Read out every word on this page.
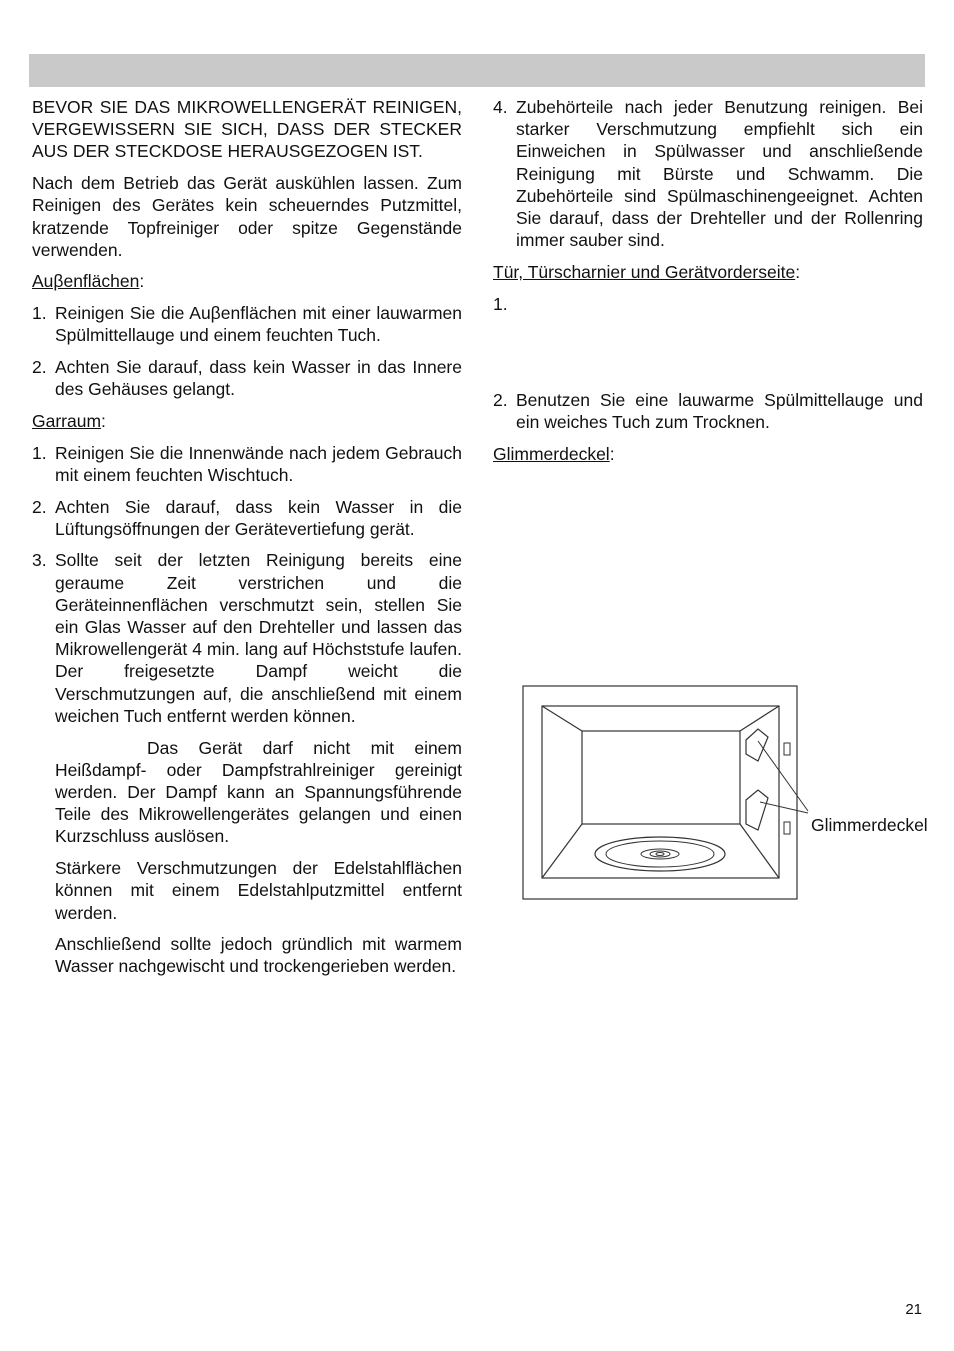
BEVOR SIE DAS MIKROWELLENGERÄT REINIGEN, VERGEWISSERN SIE SICH, DASS DER STECKER AUS DER STECKDOSE HERAUSGEZOGEN IST.

Nach dem Betrieb das Gerät auskühlen lassen. Zum Reinigen des Gerätes kein scheuerndes Putzmittel, kratzende Topfreiniger oder spitze Gegenstände verwenden.

Auβenflächen:
1. Reinigen Sie die Auβenflächen mit einer lauwarmen Spülmittellauge und einem feuchten Tuch.
2. Achten Sie darauf, dass kein Wasser in das Innere des Gehäuses gelangt.
Garraum:
1. Reinigen Sie die Innenwände nach jedem Gebrauch mit einem feuchten Wischtuch.
2. Achten Sie darauf, dass kein Wasser in die Lüftungsöffnungen der Gerätevertiefung gerät.
3. Sollte seit der letzten Reinigung bereits eine geraume Zeit verstrichen und die Geräteinnenflächen verschmutzt sein, stellen Sie ein Glas Wasser auf den Drehteller und lassen das Mikrowellengerät 4 min. lang auf Höchststufe laufen. Der freigesetzte Dampf weicht die Verschmutzungen auf, die anschließend mit einem weichen Tuch entfernt werden können.

Das Gerät darf nicht mit einem Heißdampf- oder Dampfstrahlreiniger gereinigt werden. Der Dampf kann an Spannungsführende Teile des Mikrowellengerätes gelangen und einen Kurzschluss auslösen.

Stärkere Verschmutzungen der Edelstahlflächen können mit einem Edelstahlputzmittel entfernt werden.

Anschließend sollte jedoch gründlich mit warmem Wasser nachgewischt und trockengerieben werden.

4. Zubehörteile nach jeder Benutzung reinigen. Bei starker Verschmutzung empfiehlt sich ein Einweichen in Spülwasser und anschließende Reinigung mit Bürste und Schwamm. Die Zubehörteile sind Spülmaschinengeeignet. Achten Sie darauf, dass der Drehteller und der Rollenring immer sauber sind.
Tür, Türscharnier und Gerätvorderseite:
1.
2. Benutzen Sie eine lauwarme Spülmittellauge und ein weiches Tuch zum Trocknen.
Glimmerdeckel:
Glimmerdeckel
21
